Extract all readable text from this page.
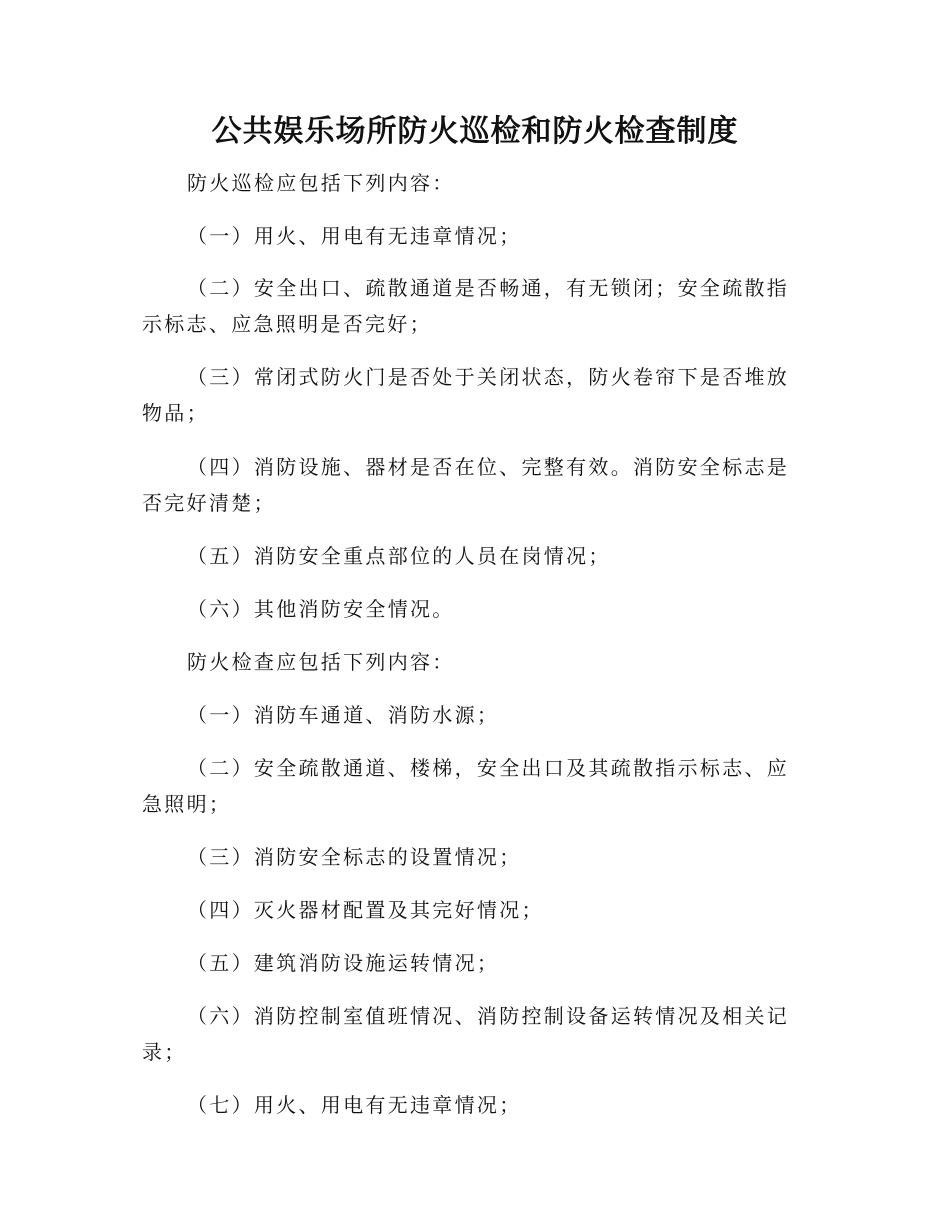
公共娱乐场所防火巡检和防火检查制度

防火巡检应包括下列内容：

（一）用火、用电有无违章情况；

（二）安全出口、疏散通道是否畅通，有无锁闭；安全疏散指示标志、应急照明是否完好；

（三）常闭式防火门是否处于关闭状态，防火卷帘下是否堆放物品；

（四）消防设施、器材是否在位、完整有效。消防安全标志是否完好清楚；

（五）消防安全重点部位的人员在岗情况；

（六）其他消防安全情况。

防火检查应包括下列内容：

（一）消防车通道、消防水源；

（二）安全疏散通道、楼梯，安全出口及其疏散指示标志、应急照明；

（三）消防安全标志的设置情况；

（四）灭火器材配置及其完好情况；

（五）建筑消防设施运转情况；

（六）消防控制室值班情况、消防控制设备运转情况及相关记录；

（七）用火、用电有无违章情况；
